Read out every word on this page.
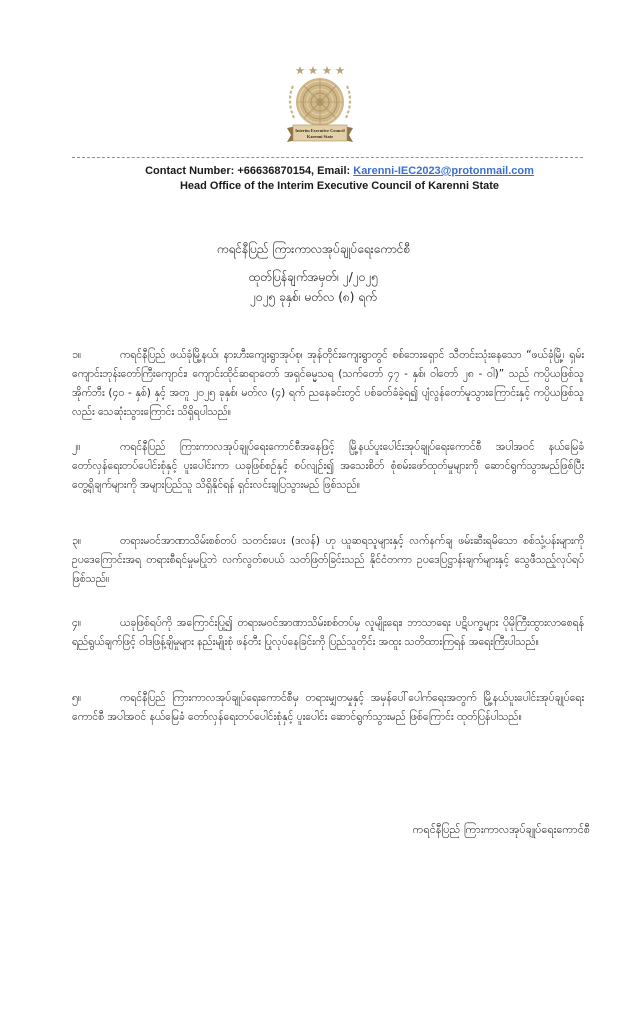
Interim Executive Council
Karenni State
Contact Number: +66636870154, Email: Karenni-IEC2023@protonmail.com
Head Office of the Interim Executive Council of Karenni State
ကရင်နီပြည် ကြားကာလအုပ်ချုပ်ရေးကောင်စီ
ထုတ်ပြန်ချက်အမှတ်၊ ၂/၂၀၂၅
၂၀၂၅ ခုနှစ်၊ မတ်လ (၈) ရက်
၁။	ကရင်နီပြည် ဖယ်ခုံမြို့နယ်၊ နားဟီးကျေးရွာအုပ်စု၊ အုန်တိုင်းကျေးရွာတွင် စစ်ဘေးရှောင် သီတင်းသုံးနေသော “ဖယ်ခုံမြို့၊ ရှမ်းကျောင်းဘုန်းတော်ကြီးကျောင်း၊ ကျောင်းထိုင်ဆရာတော် အရှင်ဓမ္မသရ (သက်တော် ၄၇ - နှစ်၊ ဝါတော် ၂၈ - ဝါ)” သည် ကပ္ပိယဖြစ်သူ အိုက်ဘီး (၄၀ - နှစ်) နှင့် အတူ ၂၀၂၅ ခုနှစ်၊ မတ်လ (၄) ရက် ညနေခင်းတွင် ပစ်ခတ်ခံခဲ့ရ၍ ပျံလွန်တော်မူသွားကြောင်းနှင့် ကပ္ပိယဖြစ်သူလည်း သေဆုံးသွားကြောင်း သိရှိရပါသည်။
၂။	ကရင်နီပြည် ကြားကာလအုပ်ချုပ်ရေးကောင်စီအနေဖြင့် မြို့နယ်ပူးပေါင်းအုပ်ချုပ်ရေးကောင်စီ အပါအဝင် နယ်မြေခံ တော်လှန်ရေးတပ်ပေါင်းစုံနှင့် ပူးပေါင်းကာ ယခုဖြစ်စဉ်နှင့် စပ်လျဉ်း၍ အသေးစိတ် စုံစမ်းဖော်ထုတ်မှုများကို ဆောင်ရွက်သွားမည်ဖြစ်ပြီး တွေ့ရှိချက်များကို အများပြည်သူ သိရှိနိုင်ရန် ရှင်းလင်းချပြသွားမည် ဖြစ်သည်။
၃။	တရားမဝင်အာဏာသိမ်းစစ်တပ် သတင်းပေး (ဒလန်) ဟု ယူဆရသူများနှင့် လက်နက်ချ ဖမ်းဆီးရမိသော စစ်သုံ့ပန်းများကို ဥပဒေကြောင်းအရ တရားစီရင်မှုမပြုဘဲ လက်လွတ်စပယ် သတ်ဖြတ်ခြင်းသည် နိုင်ငံတကာ ဥပဒေပြဋ္ဌာန်းချက်များနှင့် သွေဖီသည့်လုပ်ရပ် ဖြစ်သည်။
၄။	ယခုဖြစ်ရပ်ကို အကြောင်းပြု၍ တရားမဝင်အာဏာသိမ်းစစ်တပ်မှ လူမျိုးရေး၊ ဘာသာရေး ပဋိပက္ခများ ပိုမိုကြီးထွားလာစေရန် ရည်ရွယ်ချက်ဖြင့် ဝါဒဖြန့်ချိမှုများ နည်းမျိုးစုံ ဖန်တီး ပြုလုပ်နေခြင်းကို ပြည်သူတိုင်း အထူး သတိထားကြရန် အရေးကြီးပါသည်။
၅။	ကရင်နီပြည် ကြားကာလအုပ်ချုပ်ရေးကောင်စီမှ တရားမျှတမှုနှင့် အမှန်ပေါ်ပေါက်ရေးအတွက် မြို့နယ်ပူးပေါင်းအုပ်ချုပ်ရေးကောင်စီ အပါအဝင် နယ်မြေခံ တော်လှန်ရေးတပ်ပေါင်းစုံနှင့် ပူးပေါင်း ဆောင်ရွက်သွားမည် ဖြစ်ကြောင်း ထုတ်ပြန်ပါသည်။
ကရင်နီပြည် ကြားကာလအုပ်ချုပ်ရေးကောင်စီ
